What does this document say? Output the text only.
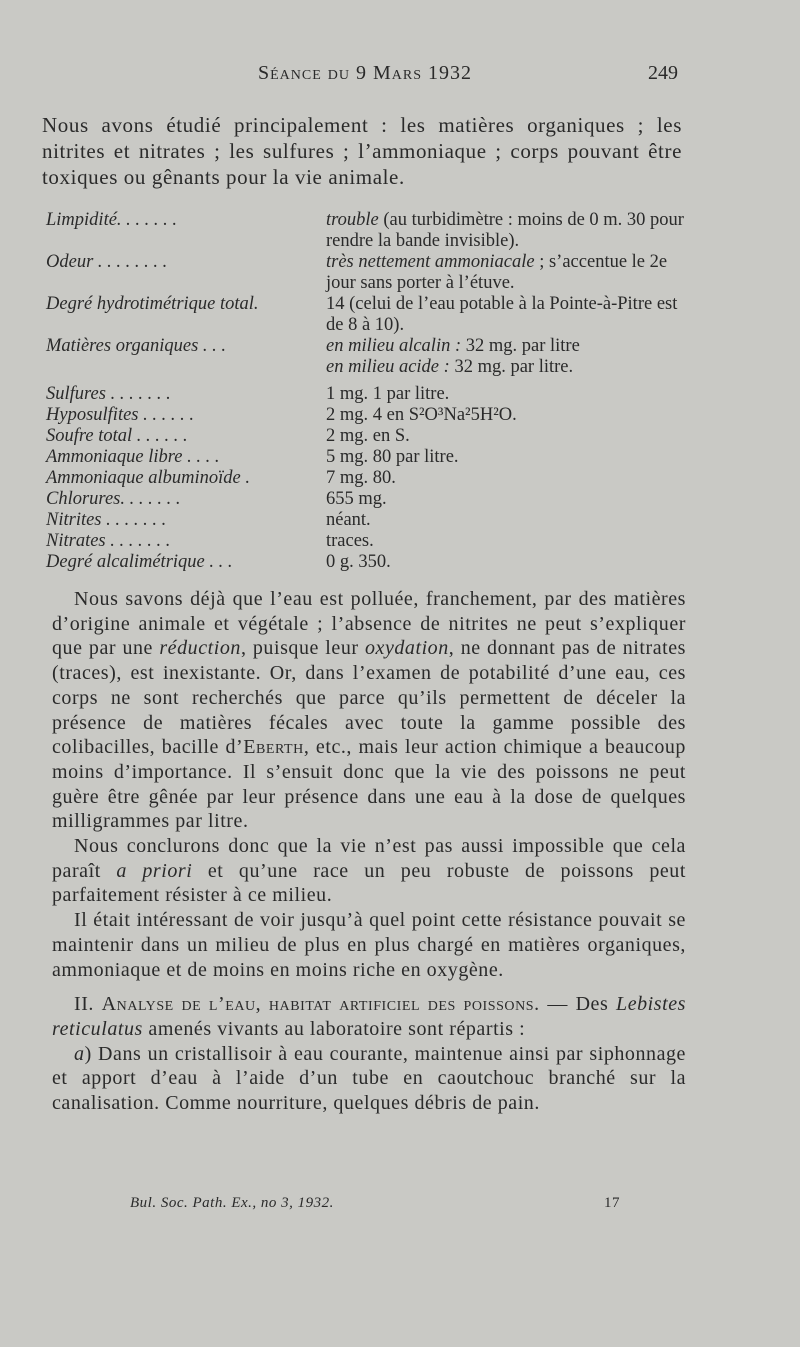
Séance du 9 Mars 1932	249

Nous avons étudié principalement : les matières organiques ; les nitrites et nitrates ; les sulfures ; l’ammoniaque ; corps pouvant être toxiques ou gênants pour la vie animale.

Limpidité. . . . . . .	trouble (au turbidimètre : moins de 0 m. 30 pour rendre la bande invisible).
Odeur . . . . . . . .	très nettement ammoniacale ; s’accentue le 2e jour sans porter à l’étuve.
Degré hydrotimétrique total.	14 (celui de l’eau potable à la Pointe-à-Pitre est de 8 à 10).
Matières organiques . . .	en milieu alcalin : 32 mg. par litre
	en milieu acide : 32 mg. par litre.
Sulfures . . . . . . .	1 mg. 1 par litre.
Hyposulfites . . . . . .	2 mg. 4 en S²O³Na²5H²O.
Soufre total . . . . . .	2 mg. en S.
Ammoniaque libre . . . .	5 mg. 80 par litre.
Ammoniaque albuminoïde .	7 mg. 80.
Chlorures. . . . . . .	655 mg.
Nitrites . . . . . . .	néant.
Nitrates . . . . . . .	traces.
Degré alcalimétrique . . .	0 g. 350.

Nous savons déjà que l’eau est polluée, franchement, par des matières d’origine animale et végétale ; l’absence de nitrites ne peut s’expliquer que par une réduction, puisque leur oxydation, ne donnant pas de nitrates (traces), est inexistante. Or, dans l’examen de potabilité d’une eau, ces corps ne sont recherchés que parce qu’ils permettent de déceler la présence de matières fécales avec toute la gamme possible des colibacilles, bacille d’Eberth, etc., mais leur action chimique a beaucoup moins d’importance. Il s’ensuit donc que la vie des poissons ne peut guère être gênée par leur présence dans une eau à la dose de quelques milligrammes par litre.

Nous conclurons donc que la vie n’est pas aussi impossible que cela paraît a priori et qu’une race un peu robuste de poissons peut parfaitement résister à ce milieu.

Il était intéressant de voir jusqu’à quel point cette résistance pouvait se maintenir dans un milieu de plus en plus chargé en matières organiques, ammoniaque et de moins en moins riche en oxygène.

II. Analyse de l’eau, habitat artificiel des poissons. — Des Lebistes reticulatus amenés vivants au laboratoire sont répartis :

a) Dans un cristallisoir à eau courante, maintenue ainsi par siphonnage et apport d’eau à l’aide d’un tube en caoutchouc branché sur la canalisation. Comme nourriture, quelques débris de pain.

Bul. Soc. Path. Ex., no 3, 1932.	17
